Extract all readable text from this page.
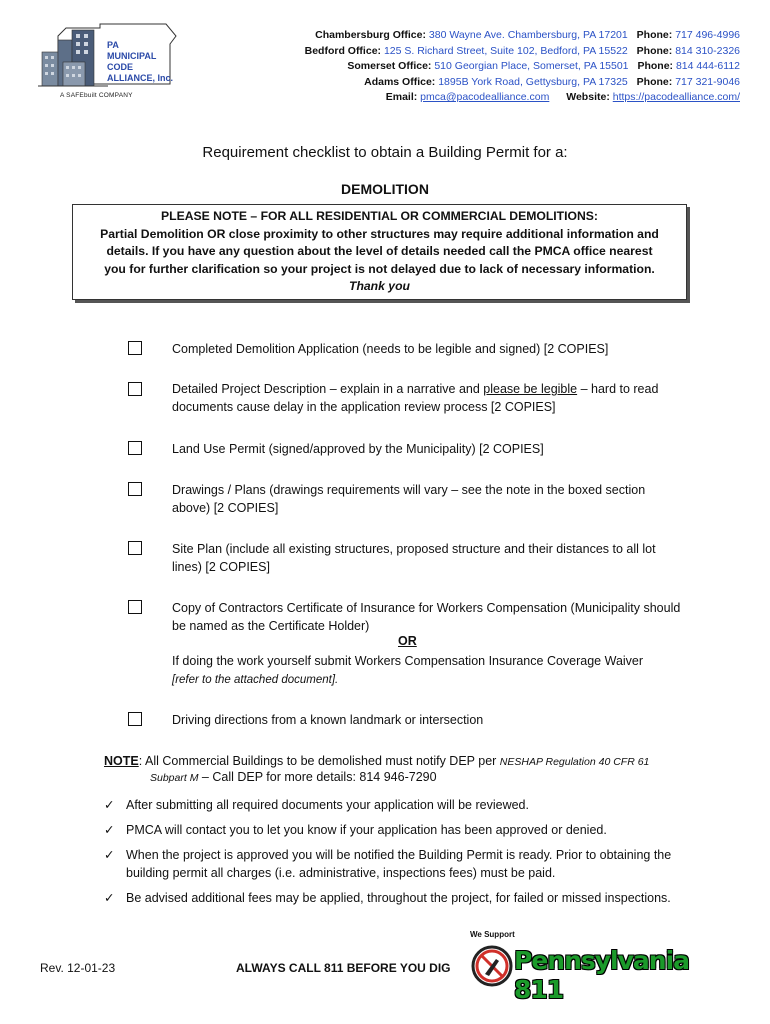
PA
MUNICIPAL
CODE
ALLIANCE, Inc.
A SAFEbuilt COMPANY
Chambersburg Office: 380 Wayne Ave. Chambersburg, PA 17201 Phone: 717 496-4996
Bedford Office: 125 S. Richard Street, Suite 102, Bedford, PA 15522 Phone: 814 310-2326
Somerset Office: 510 Georgian Place, Somerset, PA 15501 Phone: 814 444-6112
Adams Office: 1895B York Road, Gettysburg, PA 17325 Phone: 717 321-9046
Email: pmca@pacodealliance.com Website: https://pacodealliance.com/
Requirement checklist to obtain a Building Permit for a:
DEMOLITION
PLEASE NOTE – FOR ALL RESIDENTIAL OR COMMERCIAL DEMOLITIONS:
Partial Demolition OR close proximity to other structures may require additional information and
details. If you have any question about the level of details needed call the PMCA office nearest
you for further clarification so your project is not delayed due to lack of necessary information.
Thank you
Completed Demolition Application (needs to be legible and signed) [2 COPIES]
Detailed Project Description – explain in a narrative and please be legible – hard to read
documents cause delay in the application review process [2 COPIES]
Land Use Permit (signed/approved by the Municipality) [2 COPIES]
Drawings / Plans (drawings requirements will vary – see the note in the boxed section
above) [2 COPIES]
Site Plan (include all existing structures, proposed structure and their distances to all lot
lines) [2 COPIES]
Copy of Contractors Certificate of Insurance for Workers Compensation (Municipality should
be named as the Certificate Holder)
OR
If doing the work yourself submit Workers Compensation Insurance Coverage Waiver
[refer to the attached document].
Driving directions from a known landmark or intersection
NOTE: All Commercial Buildings to be demolished must notify DEP per NESHAP Regulation 40 CFR 61
Subpart M – Call DEP for more details: 814 946-7290
✓ After submitting all required documents your application will be reviewed.
✓ PMCA will contact you to let you know if your application has been approved or denied.
✓ When the project is approved you will be notified the Building Permit is ready. Prior to obtaining the
building permit all charges (i.e. administrative, inspections fees) must be paid.
✓ Be advised additional fees may be applied, throughout the project, for failed or missed inspections.
Rev. 12-01-23	ALWAYS CALL 811 BEFORE YOU DIG
We Support
Pennsylvania 811
